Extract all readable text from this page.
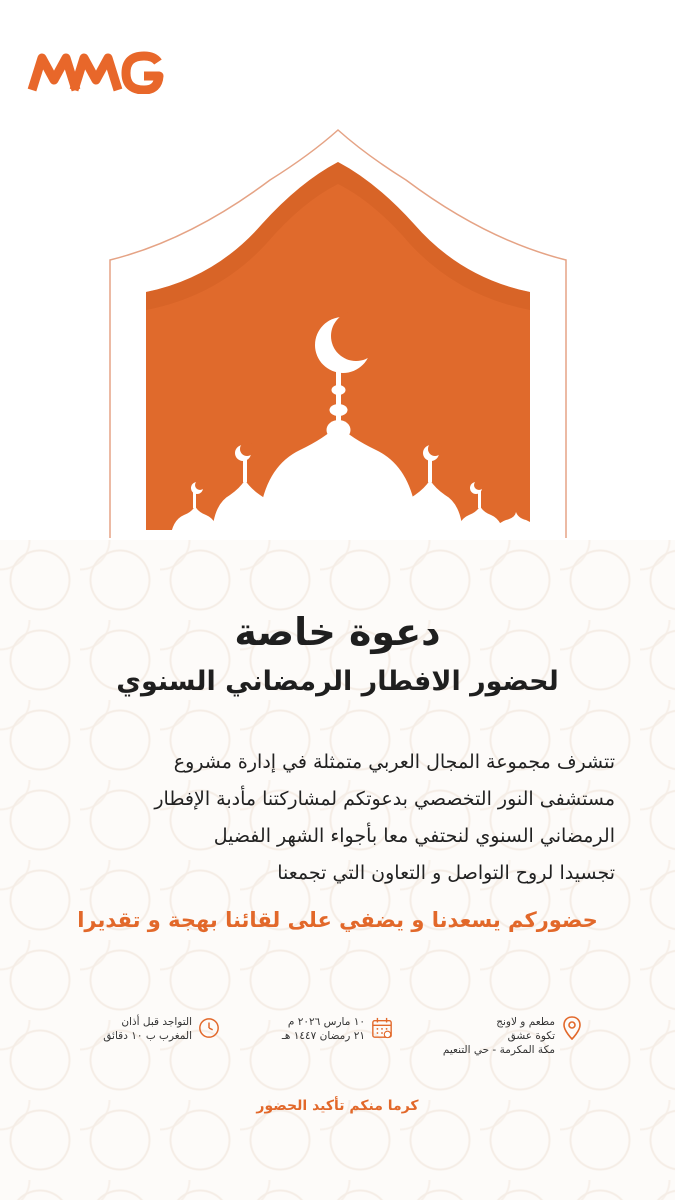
دعوة خاصة
لحضور الافطار الرمضاني السنوي
تتشرف مجموعة المجال العربي متمثلة في إدارة مشروع
مستشفى النور التخصصي بدعوتكم لمشاركتنا مأدبة الإفطار
الرمضاني السنوي لنحتفي معا بأجواء الشهر الفضيل
تجسيدا لروح التواصل و التعاون التي تجمعنا
حضوركم يسعدنا و يضفي على لقائنا بهجة و تقديرا
مطعم و لاونج
تكوة عشق
مكة المكرمة - حي التنعيم
١٠ مارس ٢٠٢٦ م
٢١ رمضان ١٤٤٧ هـ
التواجد قبل أذان
المغرب ب ١٠ دقائق
كرما منكم تأكيد الحضور
